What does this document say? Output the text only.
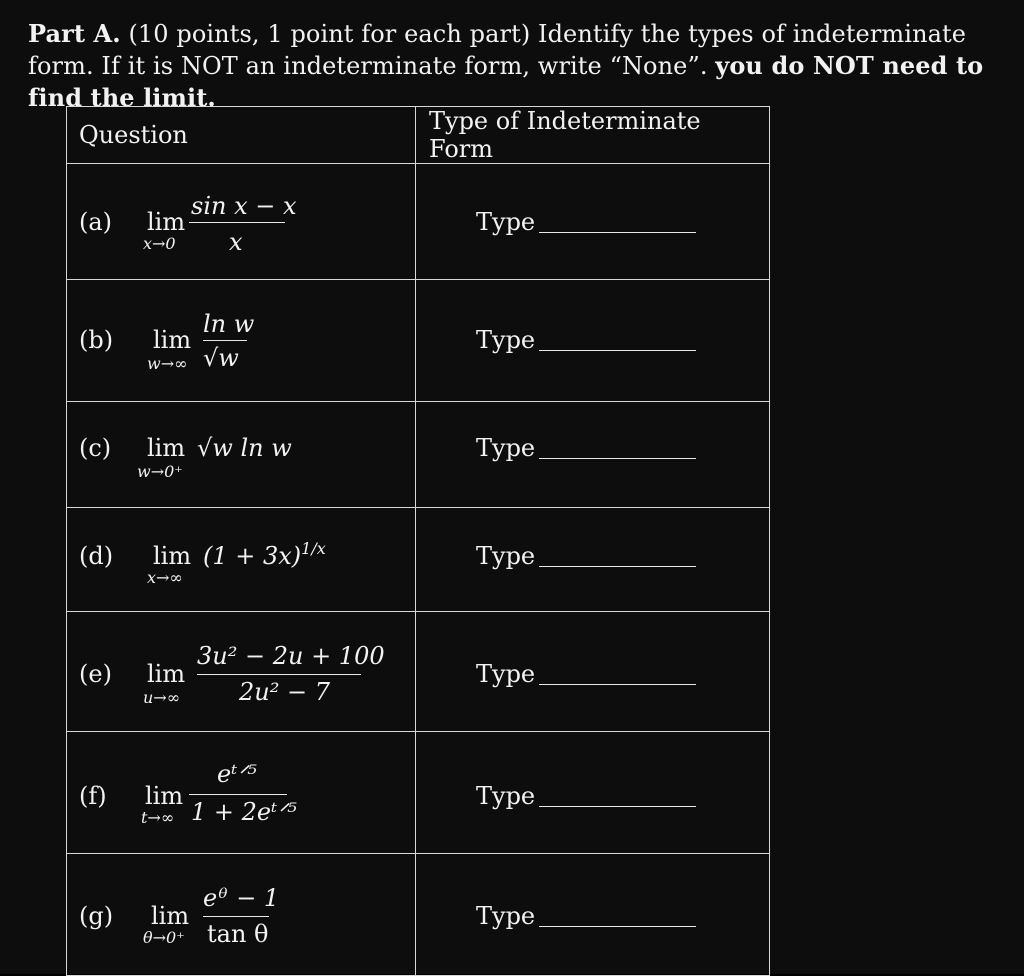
Part A. (10 points, 1 point for each part) Identify the types of indeterminate form. If it is NOT an indeterminate form, write “None”. you do NOT need to find the limit.
Question	Type of Indeterminate Form

(a) lim
x→0
sin x − x
x	Type

(b) lim
w→∞
ln w
√w	Type

(c) lim
w→0⁺
√w ln w	Type

(d) lim
x→∞
$(1 + 3x)^{1/x}$	Type

(e) lim
u→∞
3u² − 2u + 100
2u² − 7	Type

(f) lim
t→∞
eᵗᐟ⁵
1 + 2eᵗᐟ⁵	Type

(g) lim
θ→0⁺
eᶿ − 1
tan θ	Type
